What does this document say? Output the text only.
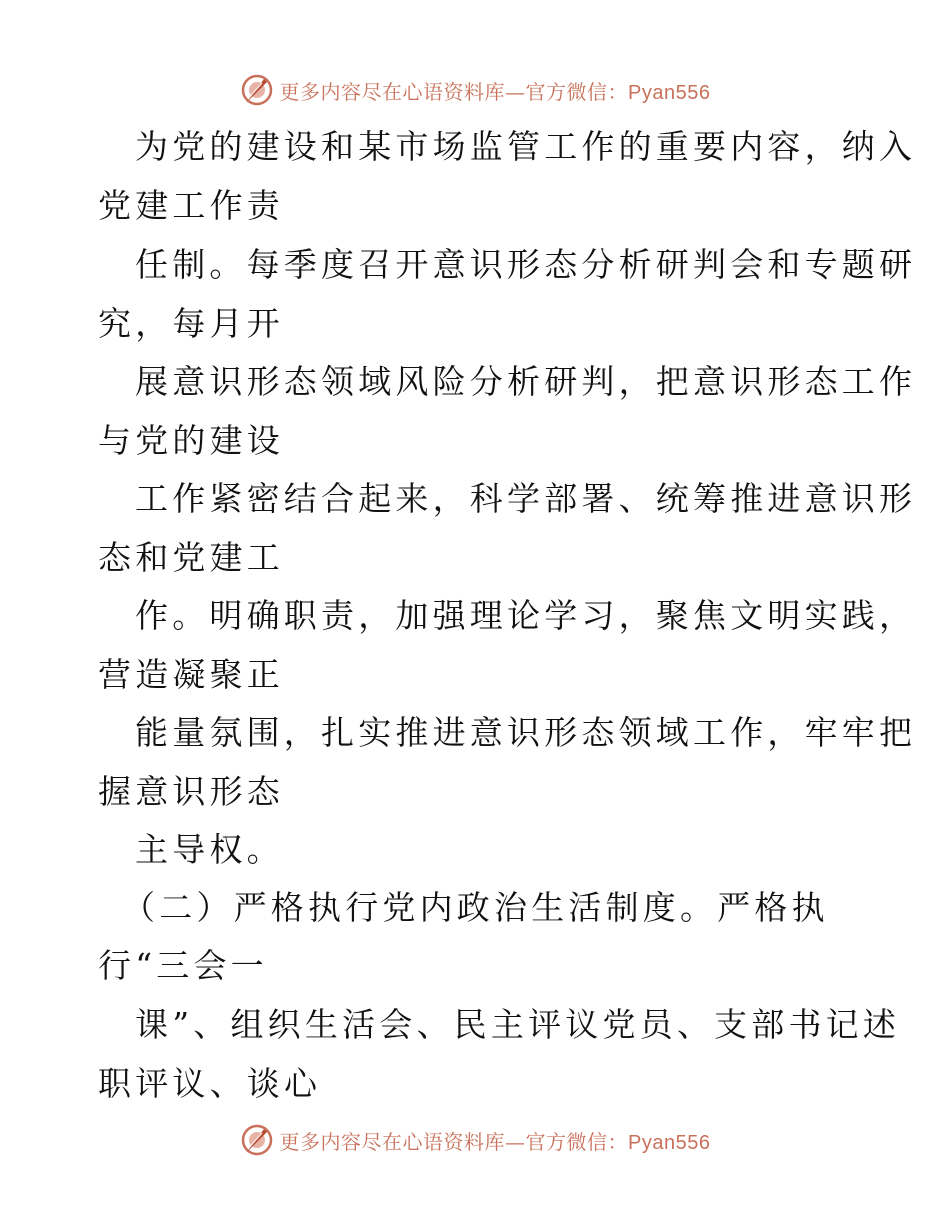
更多内容尽在心语资料库—官方微信：Pyan556
为党的建设和某市场监管工作的重要内容，纳入
党建工作责
任制。每季度召开意识形态分析研判会和专题研
究，每月开
展意识形态领域风险分析研判，把意识形态工作
与党的建设
工作紧密结合起来，科学部署、统筹推进意识形
态和党建工
作。明确职责，加强理论学习，聚焦文明实践，
营造凝聚正
能量氛围，扎实推进意识形态领域工作，牢牢把
握意识形态
主导权。
（二）严格执行党内政治生活制度。严格执
行“三会一
课”、组织生活会、民主评议党员、支部书记述
职评议、谈心
更多内容尽在心语资料库—官方微信：Pyan556
